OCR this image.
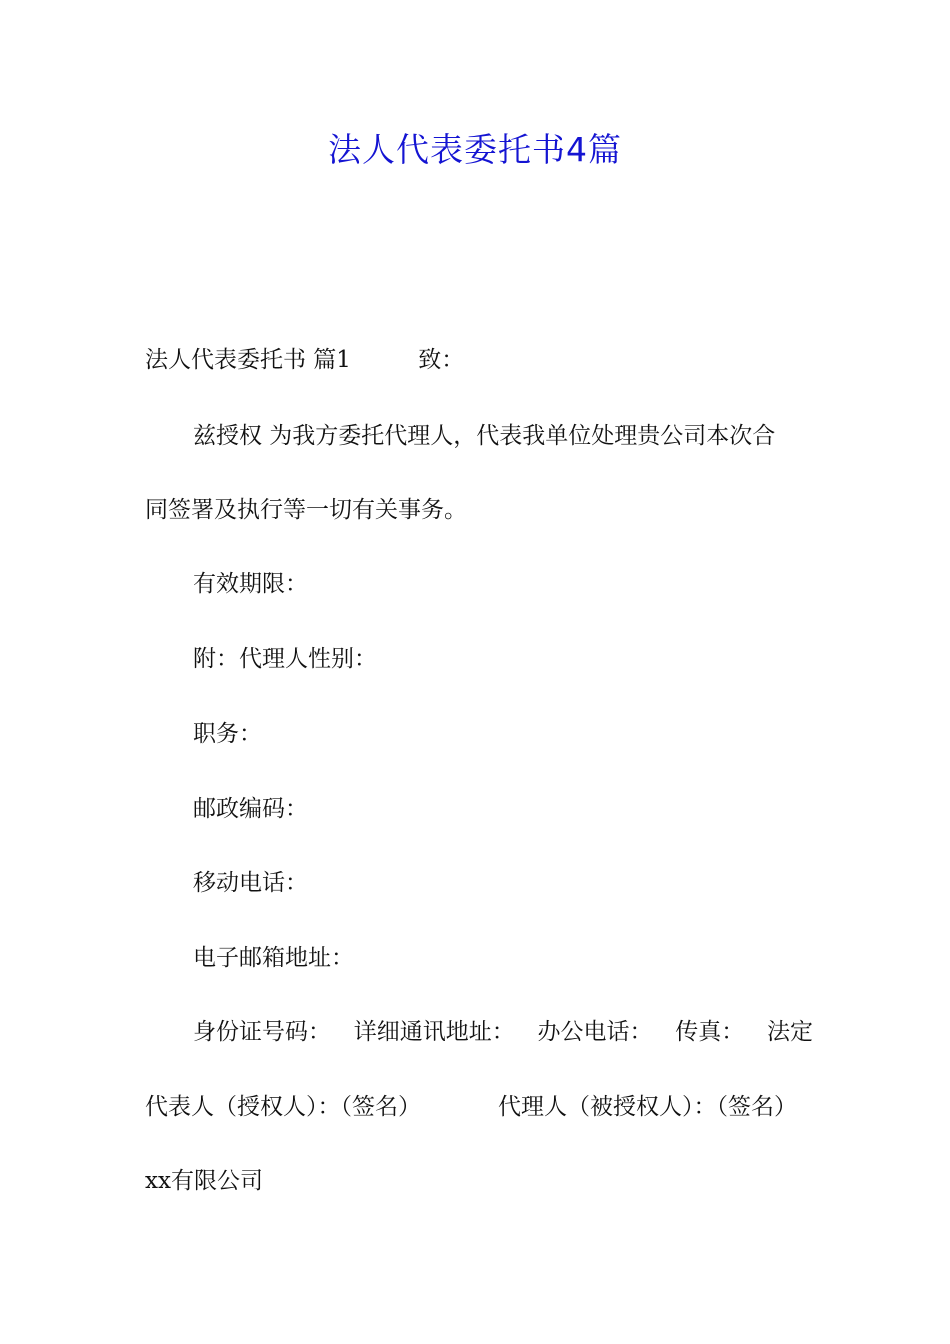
法人代表委托书4篇
法人代表委托书 篇1	致：
兹授权 为我方委托代理人，代表我单位处理贵公司本次合
同签署及执行等一切有关事务。
有效期限：
附：代理人性别：
职务：
邮政编码：
移动电话：
电子邮箱地址：
身份证号码： 详细通讯地址： 办公电话： 传真： 法定
代表人（授权人）：（签名）	代理人（被授权人）：（签名）
xx有限公司
